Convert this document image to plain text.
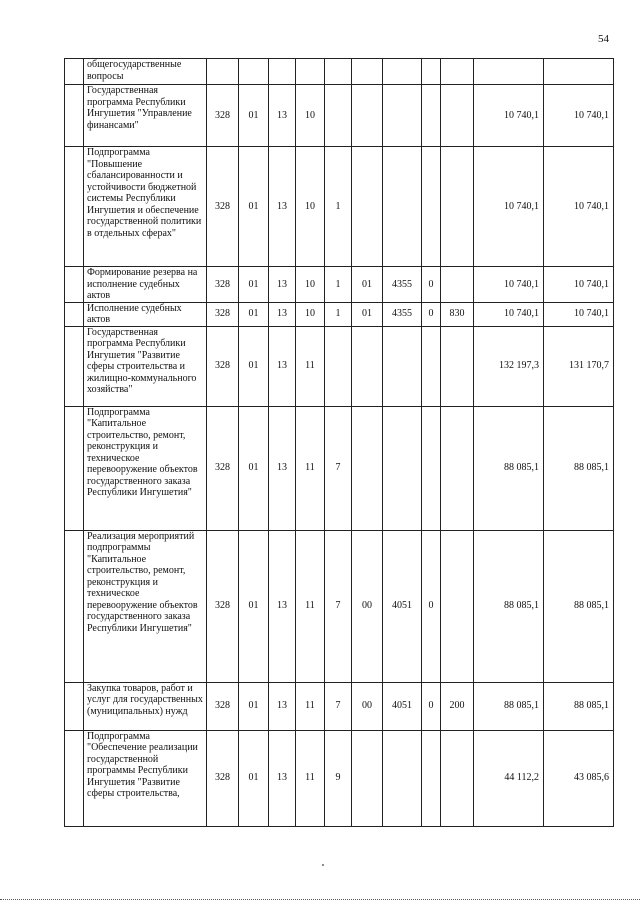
54
	общегосударственные вопросы											
	Государственная программа Республики Ингушетия "Управление финансами"	328	01	13	10						10 740,1	10 740,1
	Подпрограмма "Повышение сбалансированности и устойчивости бюджетной системы Республики Ингушетия и обеспечение государственной политики в отдельных сферах"	328	01	13	10	1					10 740,1	10 740,1
	Формирование резерва на исполнение судебных актов	328	01	13	10	1	01	4355	0		10 740,1	10 740,1
	Исполнение судебных актов	328	01	13	10	1	01	4355	0	830	10 740,1	10 740,1
	Государственная программа Республики Ингушетия "Развитие сферы строительства и жилищно-коммунального хозяйства"	328	01	13	11						132 197,3	131 170,7
	Подпрограмма "Капитальное строительство, ремонт, реконструкция и техническое перевооружение объектов государственного заказа Республики Ингушетия"	328	01	13	11	7					88 085,1	88 085,1
	Реализация мероприятий подпрограммы "Капитальное строительство, ремонт, реконструкция и техническое перевооружение объектов государственного заказа Республики Ингушетия"	328	01	13	11	7	00	4051	0		88 085,1	88 085,1
	Закупка товаров, работ и услуг для государственных (муниципальных) нужд	328	01	13	11	7	00	4051	0	200	88 085,1	88 085,1
	Подпрограмма "Обеспечение реализации государственной программы Республики Ингушетия "Развитие сферы строительства,	328	01	13	11	9					44 112,2	43 085,6
